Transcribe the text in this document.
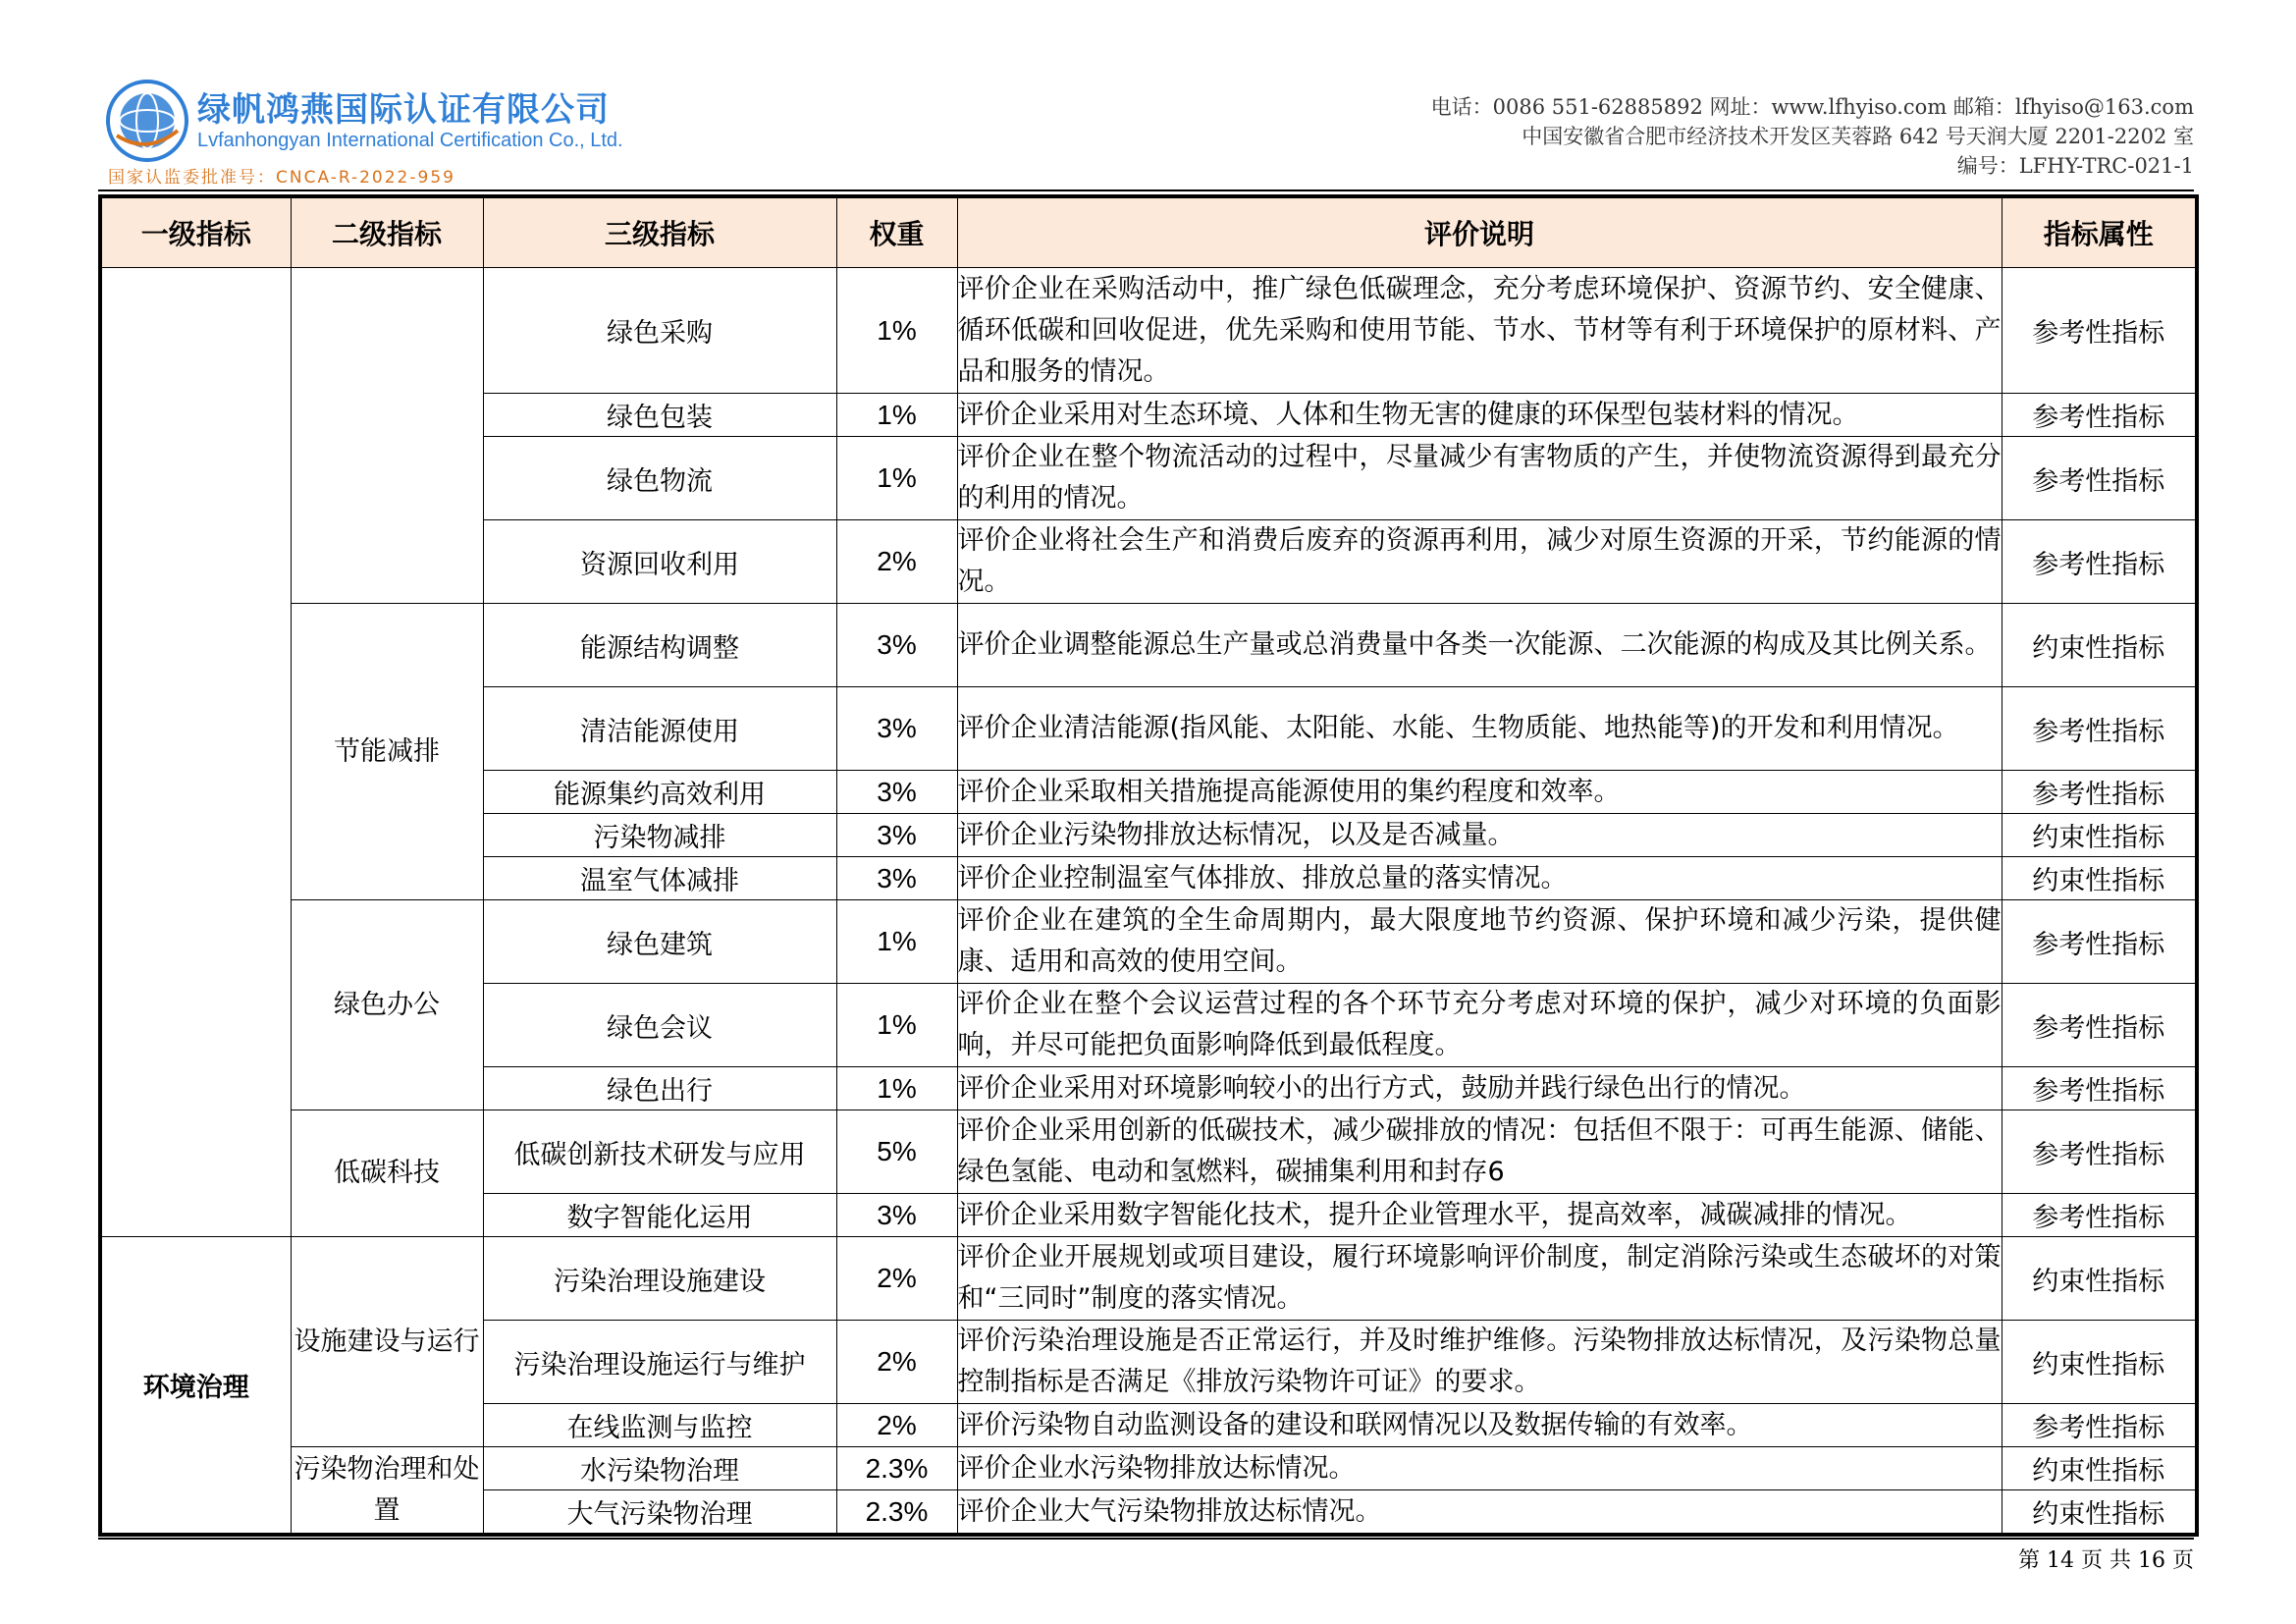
绿帆鸿燕国际认证有限公司
Lvfanhongyan International Certification Co., Ltd.
国家认监委批准号：CNCA-R-2022-959
电话：0086 551-62885892 网址：www.lfhyiso.com 邮箱：lfhyiso@163.com
中国安徽省合肥市经济技术开发区芙蓉路 642 号天润大厦 2201-2202 室
编号：LFHY-TRC-021-1
一级指标	二级指标	三级指标	权重	评价说明	指标属性
		绿色采购	1%	评价企业在采购活动中，推广绿色低碳理念，充分考虑环境保护、资源节约、安全健康、循环低碳和回收促进，优先采购和使用节能、节水、节材等有利于环境保护的原材料、产品和服务的情况。	参考性指标
		绿色包装	1%	评价企业采用对生态环境、人体和生物无害的健康的环保型包装材料的情况。	参考性指标
		绿色物流	1%	评价企业在整个物流活动的过程中，尽量减少有害物质的产生，并使物流资源得到最充分的利用的情况。	参考性指标
		资源回收利用	2%	评价企业将社会生产和消费后废弃的资源再利用，减少对原生资源的开采，节约能源的情况。	参考性指标
	节能减排	能源结构调整	3%	评价企业调整能源总生产量或总消费量中各类一次能源、二次能源的构成及其比例关系。	约束性指标
		清洁能源使用	3%	评价企业清洁能源(指风能、太阳能、水能、生物质能、地热能等)的开发和利用情况。	参考性指标
		能源集约高效利用	3%	评价企业采取相关措施提高能源使用的集约程度和效率。	参考性指标
		污染物减排	3%	评价企业污染物排放达标情况，以及是否减量。	约束性指标
		温室气体减排	3%	评价企业控制温室气体排放、排放总量的落实情况。	约束性指标
	绿色办公	绿色建筑	1%	评价企业在建筑的全生命周期内，最大限度地节约资源、保护环境和减少污染，提供健康、适用和高效的使用空间。	参考性指标
		绿色会议	1%	评价企业在整个会议运营过程的各个环节充分考虑对环境的保护，减少对环境的负面影响，并尽可能把负面影响降低到最低程度。	参考性指标
		绿色出行	1%	评价企业采用对环境影响较小的出行方式，鼓励并践行绿色出行的情况。	参考性指标
	低碳科技	低碳创新技术研发与应用	5%	评价企业采用创新的低碳技术，减少碳排放的情况：包括但不限于：可再生能源、储能、绿色氢能、电动和氢燃料，碳捕集利用和封存6	参考性指标
		数字智能化运用	3%	评价企业采用数字智能化技术，提升企业管理水平，提高效率，减碳减排的情况。	参考性指标
环境治理	设施建设与运行	污染治理设施建设	2%	评价企业开展规划或项目建设，履行环境影响评价制度，制定消除污染或生态破坏的对策和“三同时”制度的落实情况。	约束性指标
		污染治理设施运行与维护	2%	评价污染治理设施是否正常运行，并及时维护维修。污染物排放达标情况，及污染物总量控制指标是否满足《排放污染物许可证》的要求。	约束性指标
		在线监测与监控	2%	评价污染物自动监测设备的建设和联网情况以及数据传输的有效率。	参考性指标
	污染物治理和处置	水污染物治理	2.3%	评价企业水污染物排放达标情况。	约束性指标
		大气污染物治理	2.3%	评价企业大气污染物排放达标情况。	约束性指标
第 14 页 共 16 页
